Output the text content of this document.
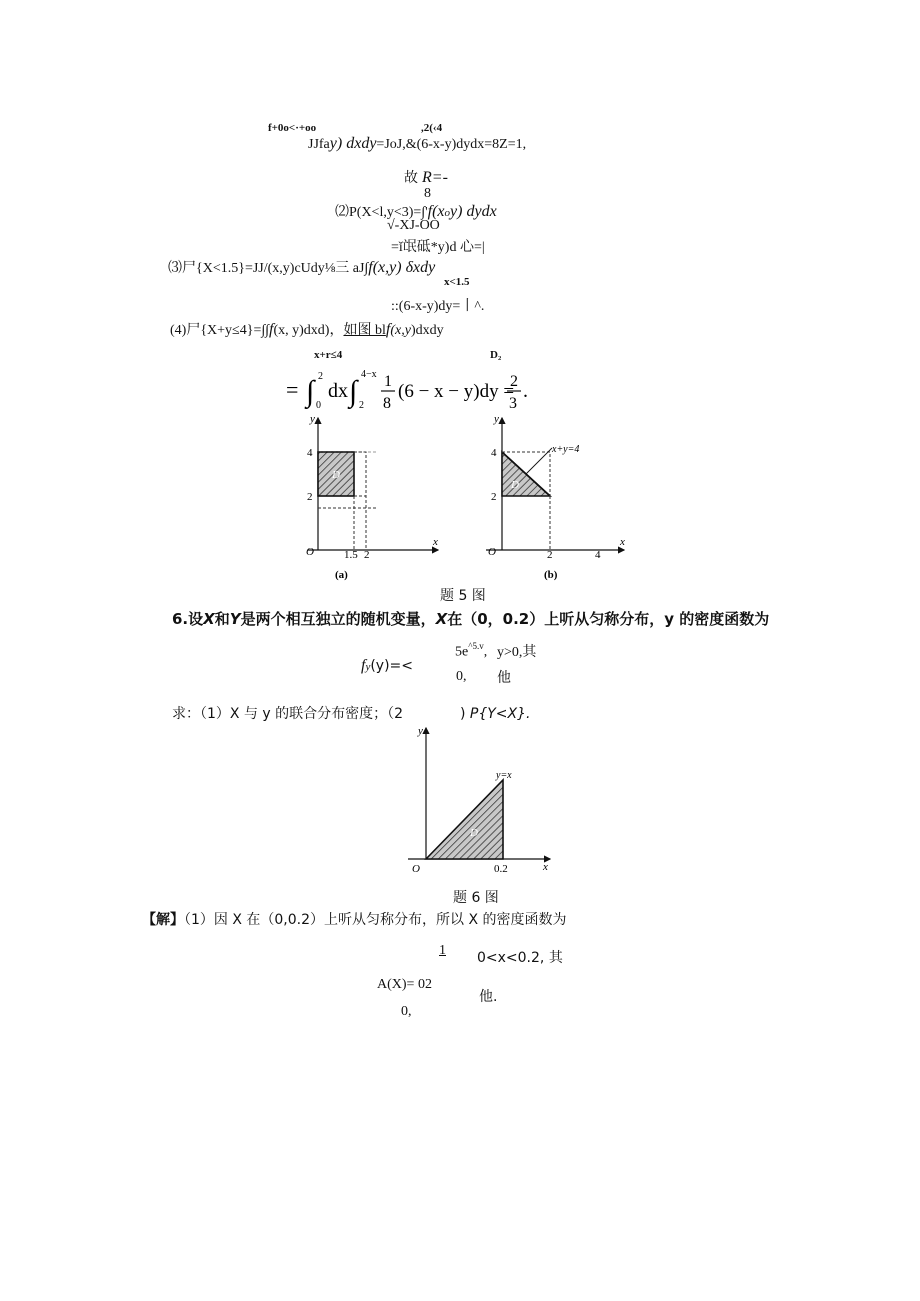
f+0o<·+oo	,2(‹4
JJfay) dxdy=JoJ,&(6-x-y)dydx=8Z=1,
故 R=-
8
⑵P(X<l,y<3)=∫'f(xoy) dydx
√-XJ-OO
=ǐ氓砥*y)d 心=|
⑶尸{X<1.5}=JJ/(x,y)cUdy⅛三 aJ∫f(x,y) δxdy
x<1.5
::(6-x-y)dy=丨^.
(4)尸{X+y≤4}=∫∫f(x, y)dxd)，如图 blf(x,y)dxdy
x+r≤4	D₂
= ∫ 2
0
dx ∫
4−x
2
1
8
(6 − x − y)dy =
2
3
.
y
x
O
4
2
1.5 2
D
(a)
x+y=4
y
x
O
4
2
2	4
D
(b)
题 5 图
6.设X和Y是两个相互独立的随机变量，X在（0，0.2）上听从匀称分布，y 的密度函数为
$5e^{\^{}5.v}$, y>0,其
fy(y)=<
0, 他
求：（1）X 与 y 的联合分布密度；（2	) P{Y<X}.
y
x
O	0.2
y=x
D
题 6 图
【解】（1）因 X 在（0,0.2）上听从匀称分布，所以 X 的密度函数为
1 0<x<0.2, 其
A(X)= 02
他.
0,
